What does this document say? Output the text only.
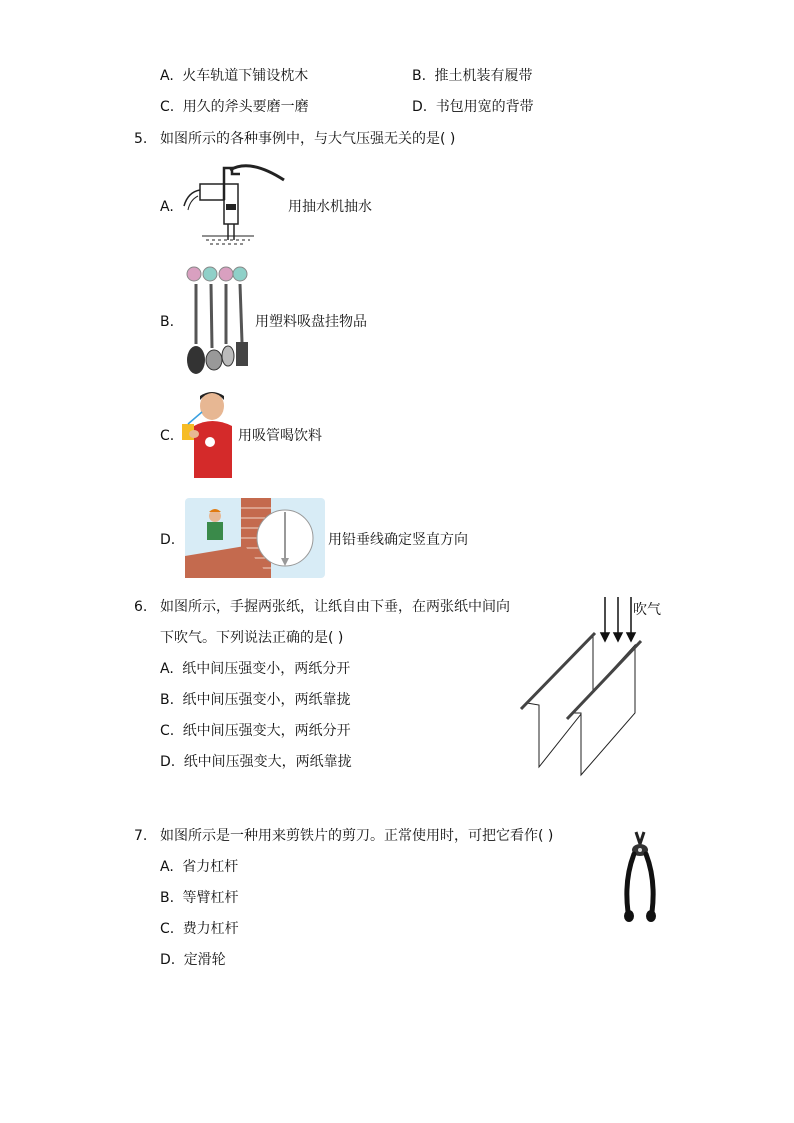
A. 火车轨道下铺设枕木	B. 推土机装有履带
C. 用久的斧头要磨一磨	D. 书包用宽的背带
5. 如图所示的各种事例中，与大气压强无关的是( )
A.	用抽水机抽水
B.	用塑料吸盘挂物品
C.	用吸管喝饮料
D.	用铅垂线确定竖直方向
6. 如图所示，手握两张纸，让纸自由下垂，在两张纸中间向
下吹气。下列说法正确的是( )
A. 纸中间压强变小，两纸分开
B. 纸中间压强变小，两纸靠拢
C. 纸中间压强变大，两纸分开
D. 纸中间压强变大，两纸靠拢
吹气
7. 如图所示是一种用来剪铁片的剪刀。正常使用时，可把它看作( )
A. 省力杠杆
B. 等臂杠杆
C. 费力杠杆
D. 定滑轮
